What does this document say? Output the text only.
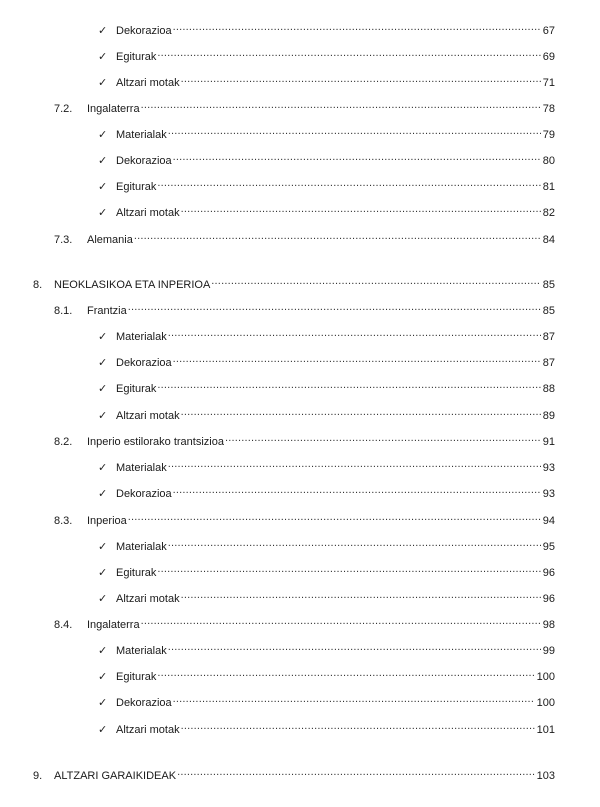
✓ Dekorazioa .....	67
✓ Egiturak .....	69
✓ Altzari motak .....	71
7.2.	Ingalaterra .....	78
✓ Materialak .....	79
✓ Dekorazioa .....	80
✓ Egiturak .....	81
✓ Altzari motak .....	82
7.3.	Alemania .....	84
8.	NEOKLASIKOA ETA INPERIOA .....	85
8.1.	Frantzia .....	85
✓ Materialak .....	87
✓ Dekorazioa .....	87
✓ Egiturak .....	88
✓ Altzari motak .....	89
8.2.	Inperio estilorako trantsizioa .....	91
✓ Materialak .....	93
✓ Dekorazioa .....	93
8.3.	Inperioa .....	94
✓ Materialak .....	95
✓ Egiturak .....	96
✓ Altzari motak .....	96
8.4.	Ingalaterra .....	98
✓ Materialak .....	99
✓ Egiturak .....	100
✓ Dekorazioa .....	100
✓ Altzari motak .....	101
9.	ALTZARI GARAIKIDEAK .....	103
